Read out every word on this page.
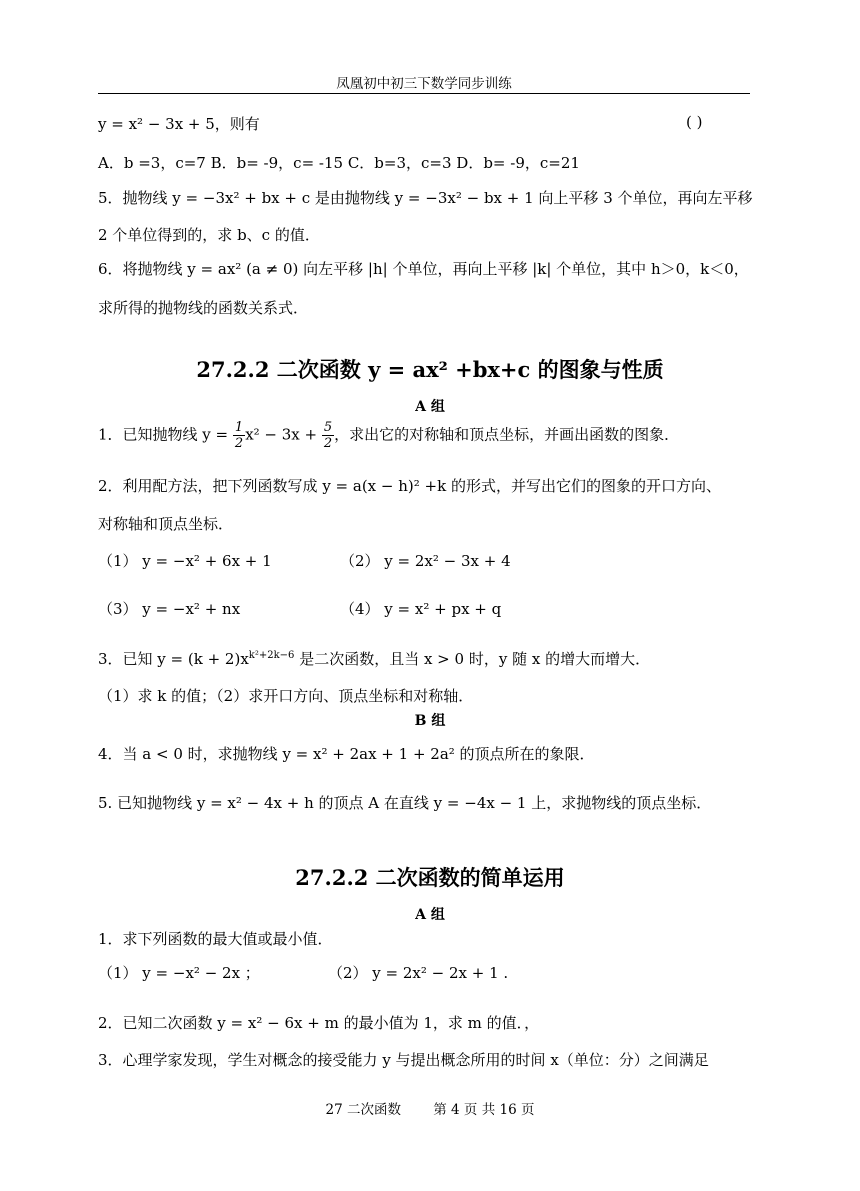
凤凰初中初三下数学同步训练
y = x² − 3x + 5，则有	( )
A．b =3，c=7 B．b= -9，c= -15 C．b=3，c=3 D．b= -9，c=21
5．抛物线 y = −3x² + bx + c 是由抛物线 y = −3x² − bx + 1 向上平移 3 个单位，再向左平移
2 个单位得到的，求 b、c 的值．
6．将抛物线 y = ax² (a ≠ 0) 向左平移 |h| 个单位，再向上平移 |k| 个单位，其中 h＞0，k＜0，
求所得的抛物线的函数关系式．
27.2.2 二次函数 y = ax² +bx+c 的图象与性质
A 组
1．已知抛物线 $y = \frac{1}{2} x^2 - 3x + \frac{5}{2}$ ，求出它的对称轴和顶点坐标，并画出函数的图象．
2．利用配方法，把下列函数写成 y = a(x − h)² +k 的形式，并写出它们的图象的开口方向、
对称轴和顶点坐标．
（1） y = −x² + 6x + 1	（2） y = 2x² − 3x + 4
（3） y = −x² + nx	（4） y = x² + px + q
3．已知 $y = (k + 2)x^{k^2+2k-6}$ 是二次函数，且当 x > 0 时，y 随 x 的增大而增大．
（1）求 k 的值；（2）求开口方向、顶点坐标和对称轴．
B 组
4．当 a < 0 时，求抛物线 y = x² + 2ax + 1 + 2a² 的顶点所在的象限．
5. 已知抛物线 y = x² − 4x + h 的顶点 A 在直线 y = −4x − 1 上，求抛物线的顶点坐标．
27.2.2 二次函数的简单运用
A 组
1．求下列函数的最大值或最小值．
（1） y = −x² − 2x ；	（2） y = 2x² − 2x + 1 .
2．已知二次函数 y = x² − 6x + m 的最小值为 1，求 m 的值．，
3．心理学家发现，学生对概念的接受能力 y 与提出概念所用的时间 x（单位：分）之间满足
27 二次函数 第 4 页 共 16 页
